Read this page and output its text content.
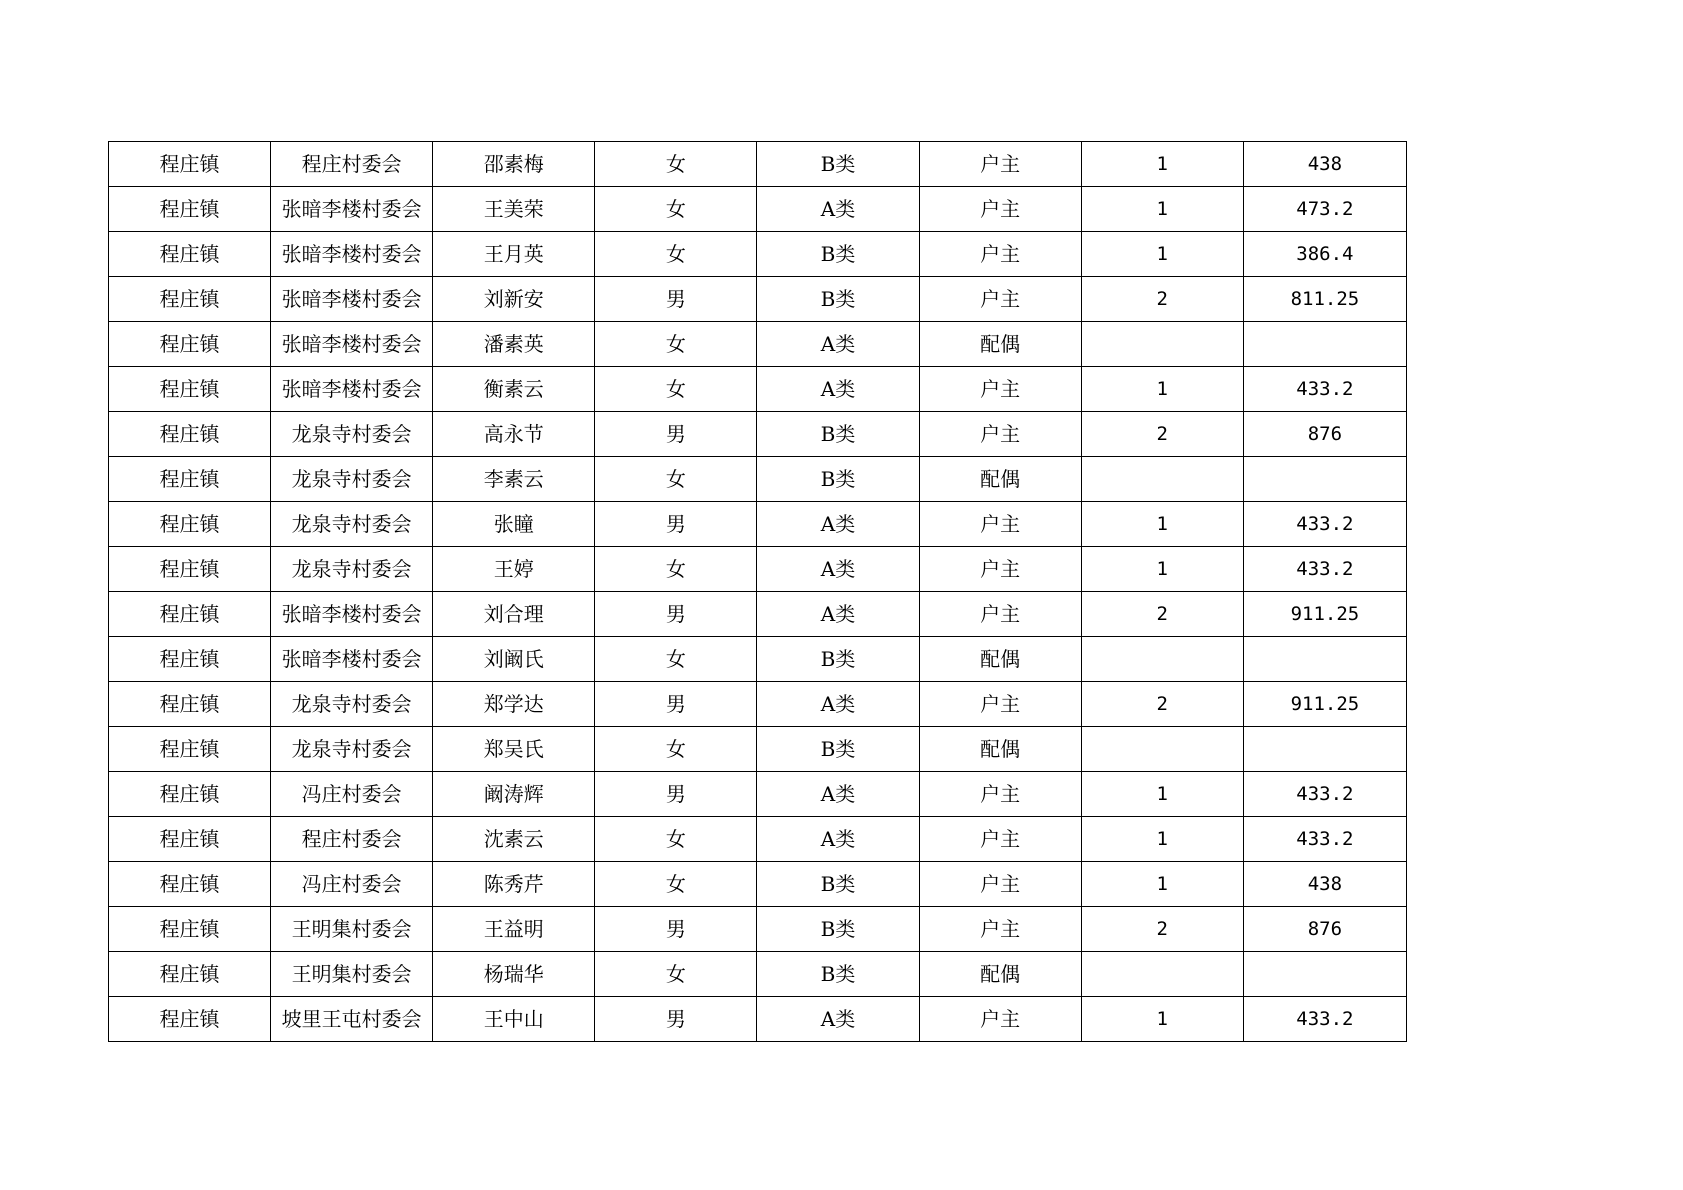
程庄镇	程庄村委会	邵素梅	女	B类	户主	1	438
程庄镇	张暗李楼村委会	王美荣	女	A类	户主	1	473.2
程庄镇	张暗李楼村委会	王月英	女	B类	户主	1	386.4
程庄镇	张暗李楼村委会	刘新安	男	B类	户主	2	811.25
程庄镇	张暗李楼村委会	潘素英	女	A类	配偶		
程庄镇	张暗李楼村委会	衡素云	女	A类	户主	1	433.2
程庄镇	龙泉寺村委会	高永节	男	B类	户主	2	876
程庄镇	龙泉寺村委会	李素云	女	B类	配偶		
程庄镇	龙泉寺村委会	张瞳	男	A类	户主	1	433.2
程庄镇	龙泉寺村委会	王婷	女	A类	户主	1	433.2
程庄镇	张暗李楼村委会	刘合理	男	A类	户主	2	911.25
程庄镇	张暗李楼村委会	刘阚氏	女	B类	配偶		
程庄镇	龙泉寺村委会	郑学达	男	A类	户主	2	911.25
程庄镇	龙泉寺村委会	郑吴氏	女	B类	配偶		
程庄镇	冯庄村委会	阚涛辉	男	A类	户主	1	433.2
程庄镇	程庄村委会	沈素云	女	A类	户主	1	433.2
程庄镇	冯庄村委会	陈秀芹	女	B类	户主	1	438
程庄镇	王明集村委会	王益明	男	B类	户主	2	876
程庄镇	王明集村委会	杨瑞华	女	B类	配偶		
程庄镇	坡里王屯村委会	王中山	男	A类	户主	1	433.2
